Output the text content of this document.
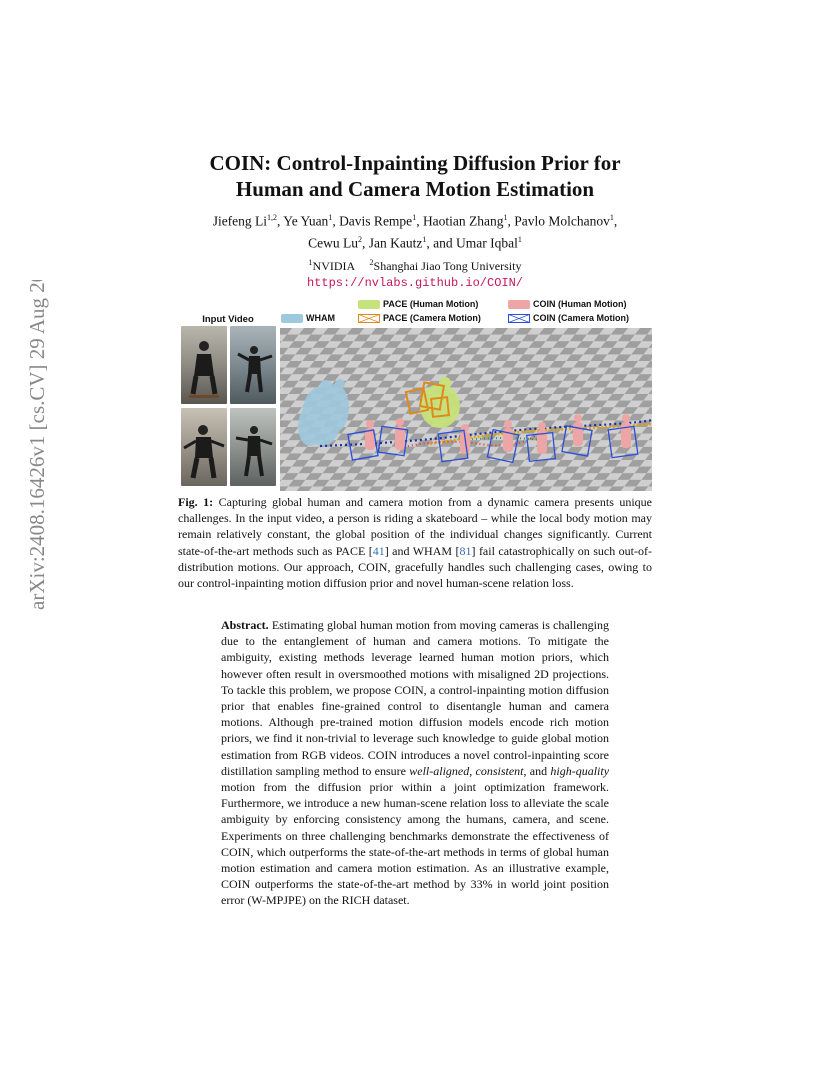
arXiv:2408.16426v1 [cs.CV] 29 Aug 2024
COIN: Control-Inpainting Diffusion Prior for
Human and Camera Motion Estimation
Jiefeng Li$^{1,2}$, Ye Yuan$^1$, Davis Rempe$^1$, Haotian Zhang$^1$, Pavlo Molchanov$^1$,
Cewu Lu$^2$, Jan Kautz$^1$, and Umar Iqbal$^1$
$^1$NVIDIA $^2$Shanghai Jiao Tong University
https://nvlabs.github.io/COIN/
Input Video	WHAM
PACE (Human Motion)
PACE (Camera Motion)
COIN (Human Motion)
COIN (Camera Motion)
Fig. 1: Capturing global human and camera motion from a dynamic camera presents unique challenges. In the input video, a person is riding a skateboard – while the local body motion may remain relatively constant, the global position of the individual changes significantly. Current state-of-the-art methods such as PACE [41] and WHAM [81] fail catastrophically on such out-of-distribution motions. Our approach, COIN, gracefully handles such challenging cases, owing to our control-inpainting motion diffusion prior and novel human-scene relation loss.
Abstract. Estimating global human motion from moving cameras is challenging due to the entanglement of human and camera motions. To mitigate the ambiguity, existing methods leverage learned human motion priors, which however often result in oversmoothed motions with misaligned 2D projections. To tackle this problem, we propose COIN, a control-inpainting motion diffusion prior that enables fine-grained control to disentangle human and camera motions. Although pre-trained motion diffusion models encode rich motion priors, we find it non-trivial to leverage such knowledge to guide global motion estimation from RGB videos. COIN introduces a novel control-inpainting score distillation sampling method to ensure well-aligned, consistent, and high-quality motion from the diffusion prior within a joint optimization framework. Furthermore, we introduce a new human-scene relation loss to alleviate the scale ambiguity by enforcing consistency among the humans, camera, and scene. Experiments on three challenging benchmarks demonstrate the effectiveness of COIN, which outperforms the state-of-the-art methods in terms of global human motion estimation and camera motion estimation. As an illustrative example, COIN outperforms the state-of-the-art method by 33% in world joint position error (W-MPJPE) on the RICH dataset.
